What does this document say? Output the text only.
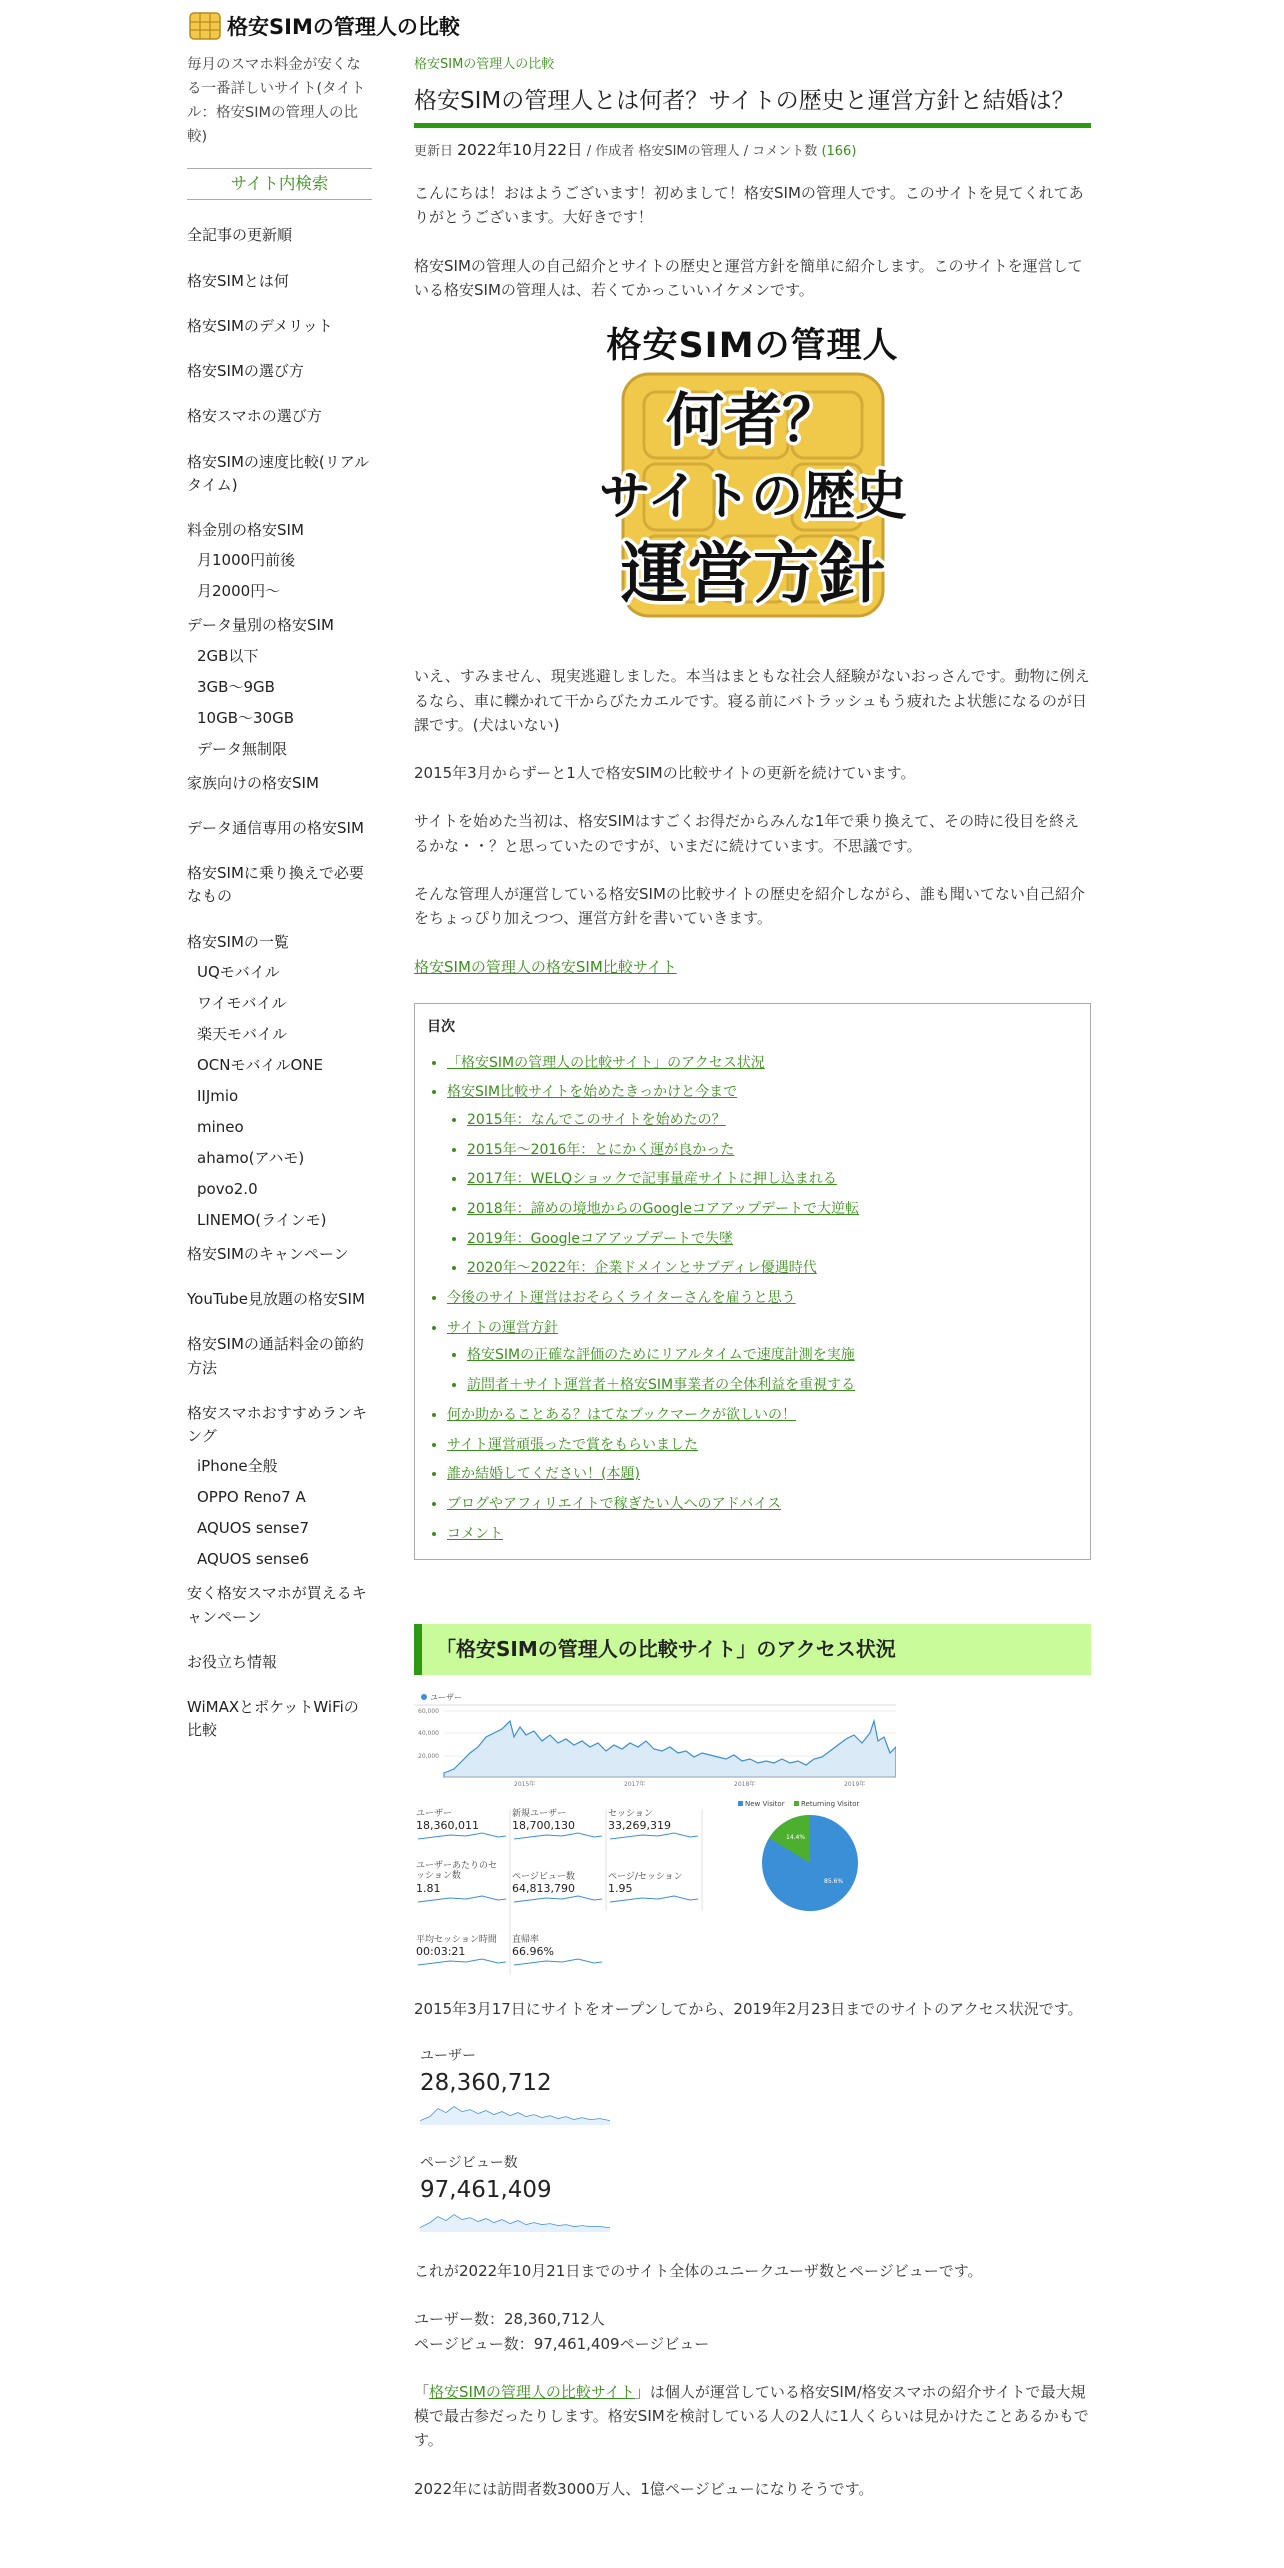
格安SIMの管理人の比較
毎月のスマホ料金が安くなる一番詳しいサイト(タイトル：格安SIMの管理人の比較)
サイト内検索
全記事の更新順
格安SIMとは何
格安SIMのデメリット
格安SIMの選び方
格安スマホの選び方
格安SIMの速度比較(リアルタイム)
料金別の格安SIM
月1000円前後
月2000円〜
データ量別の格安SIM
2GB以下
3GB〜9GB
10GB〜30GB
データ無制限
家族向けの格安SIM
データ通信専用の格安SIM
格安SIMに乗り換えで必要なもの
格安SIMの一覧
UQモバイル
ワイモバイル
楽天モバイル
OCNモバイルONE
IIJmio
mineo
ahamo(アハモ)
povo2.0
LINEMO(ラインモ)
格安SIMのキャンペーン
YouTube見放題の格安SIM
格安SIMの通話料金の節約方法
格安スマホおすすめランキング
iPhone全般
OPPO Reno7 A
AQUOS sense7
AQUOS sense6
安く格安スマホが買えるキャンペーン
お役立ち情報
WiMAXとポケットWiFiの比較
格安SIMの管理人の比較
格安SIMの管理人とは何者？サイトの歴史と運営方針と結婚は？
更新日 2022年10月22日 / 作成者 格安SIMの管理人 / コメント数 (166)

こんにちは！おはようございます！初めまして！格安SIMの管理人です。このサイトを見てくれてありがとうございます。大好きです！

格安SIMの管理人の自己紹介とサイトの歴史と運営方針を簡単に紹介します。このサイトを運営している格安SIMの管理人は、若くてかっこいいイケメンです。

格安SIMの管理人
何者？
サイトの歴史
運営方針

いえ、すみません、現実逃避しました。本当はまともな社会人経験がないおっさんです。動物に例えるなら、車に轢かれて干からびたカエルです。寝る前にバトラッシュもう疲れたよ状態になるのが日課です。(犬はいない)

2015年3月からずーと1人で格安SIMの比較サイトの更新を続けています。

サイトを始めた当初は、格安SIMはすごくお得だからみんな1年で乗り換えて、その時に役目を終えるかな・・？と思っていたのですが、いまだに続けています。不思議です。

そんな管理人が運営している格安SIMの比較サイトの歴史を紹介しながら、誰も聞いてない自己紹介をちょっぴり加えつつ、運営方針を書いていきます。

格安SIMの管理人の格安SIM比較サイト

目次
• 「格安SIMの管理人の比較サイト」のアクセス状況
• 格安SIM比較サイトを始めたきっかけと今まで
• 2015年：なんでこのサイトを始めたの？
• 2015年〜2016年：とにかく運が良かった
• 2017年：WELQショックで記事量産サイトに押し込まれる
• 2018年：諦めの境地からのGoogleコアアップデートで大逆転
• 2019年：Googleコアアップデートで失墜
• 2020年〜2022年：企業ドメインとサブディレ優遇時代
• 今後のサイト運営はおそらくライターさんを雇うと思う
• サイトの運営方針
• 格安SIMの正確な評価のためにリアルタイムで速度計測を実施
• 訪問者＋サイト運営者＋格安SIM事業者の全体利益を重視する
• 何か助かることある？はてなブックマークが欲しいの！
• サイト運営頑張ったで賞をもらいました
• 誰か結婚してください！(本題)
• ブログやアフィリエイトで稼ぎたい人へのアドバイス
• コメント
「格安SIMの管理人の比較サイト」のアクセス状況
ユーザー
60,000
40,000
20,000
2015年	2017年	2018年	2019年
New Visitor Returning Visitor
85.6%
14.4%
ユーザー
18,360,011
新規ユーザー
18,700,130
セッション
33,269,319
ユーザーあたりのセッション数
1.81
ページビュー数
64,813,790
ページ/セッション
1.95
平均セッション時間
00:03:21
直帰率
66.96%

2015年3月17日にサイトをオープンしてから、2019年2月23日までのサイトのアクセス状況です。

ユーザー
28,360,712
ページビュー数
97,461,409

これが2022年10月21日までのサイト全体のユニークユーザ数とページビューです。

ユーザー数：28,360,712人
ページビュー数：97,461,409ページビュー

「格安SIMの管理人の比較サイト」は個人が運営している格安SIM/格安スマホの紹介サイトで最大規模で最古参だったりします。格安SIMを検討している人の2人に1人くらいは見かけたことあるかもです。

2022年には訪問者数3000万人、1億ページビューになりそうです。
